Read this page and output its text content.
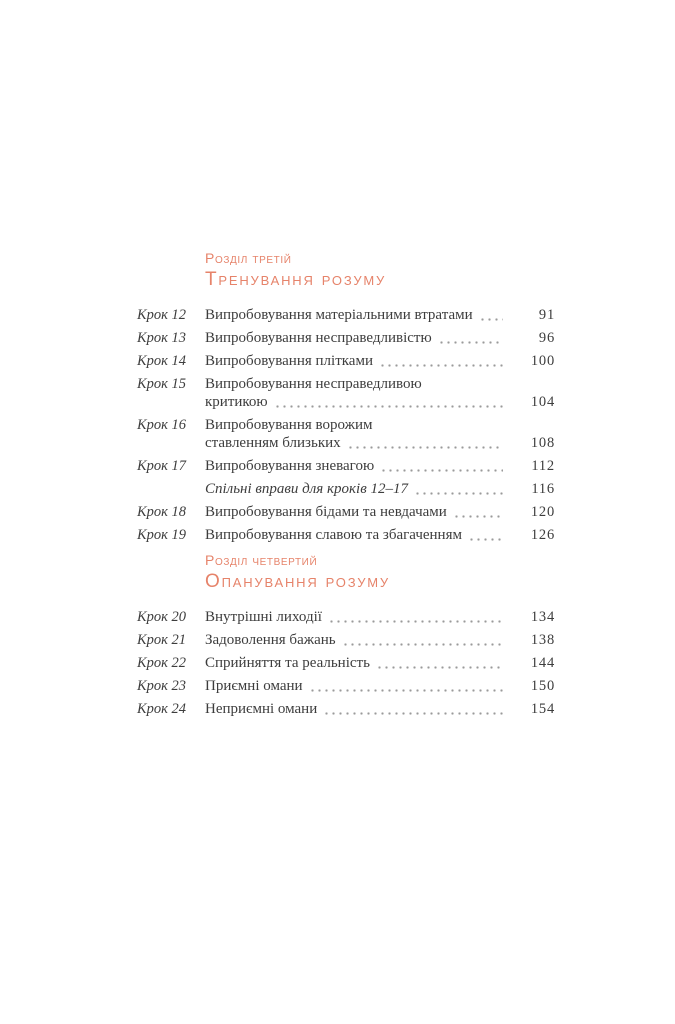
Розділ третій
Тренування розуму
Крок 12	Випробовування матеріальними втратами	91
Крок 13	Випробовування несправедливістю	96
Крок 14	Випробовування плітками	100
Крок 15	Випробовування несправедливою
критикою	104
Крок 16	Випробовування ворожим
ставленням близьких	108
Крок 17	Випробовування зневагою	112
Спільні вправи для кроків 12–17	116
Крок 18	Випробовування бідами та невдачами	120
Крок 19	Випробовування славою та збагаченням	126
Розділ четвертий
Опанування розуму
Крок 20	Внутрішні лиходії	134
Крок 21	Задоволення бажань	138
Крок 22	Сприйняття та реальність	144
Крок 23	Приємні омани	150
Крок 24	Неприємні омани	154
